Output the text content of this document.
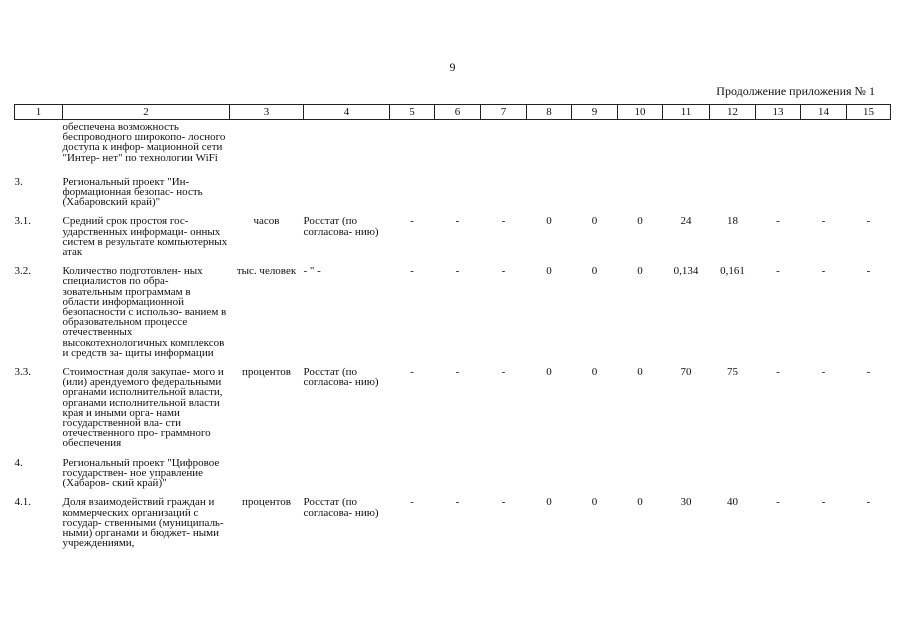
9
Продолжение приложения № 1
1	2	3	4	5	6	7	8	9	10	11	12	13	14	15
	обеспечена возможность беспроводного широкопо- лосного доступа к инфор- мационной сети "Интер- нет" по технологии WiFi													
3.	Региональный проект "Ин- формационная безопас- ность (Хабаровский край)"													
3.1.	Средний срок простоя гос- ударственных информаци- онных систем в результате компьютерных атак	часов	Росстат (по согласова- нию)	-	-	-	0	0	0	24	18	-	-	-
3.2.	Количество подготовлен- ных специалистов по обра- зовательным программам в области информационной безопасности с использо- ванием в образовательном процессе отечественных высокотехнологичных комплексов и средств за- щиты информации	тыс. человек	- " -	-	-	-	0	0	0	0,134	0,161	-	-	-
3.3.	Стоимостная доля закупае- мого и (или) арендуемого федеральными органами исполнительной власти, органами исполнительной власти края и иными орга- нами государственной вла- сти отечественного про- граммного обеспечения	процентов	Росстат (по согласова- нию)	-	-	-	0	0	0	70	75	-	-	-
4.	Региональный проект "Цифровое государствен- ное управление (Хабаров- ский край)"													
4.1.	Доля взаимодействий граждан и коммерческих организаций с государ- ственными (муниципаль- ными) органами и бюджет- ными учреждениями,	процентов	Росстат (по согласова- нию)	-	-	-	0	0	0	30	40	-	-	-
